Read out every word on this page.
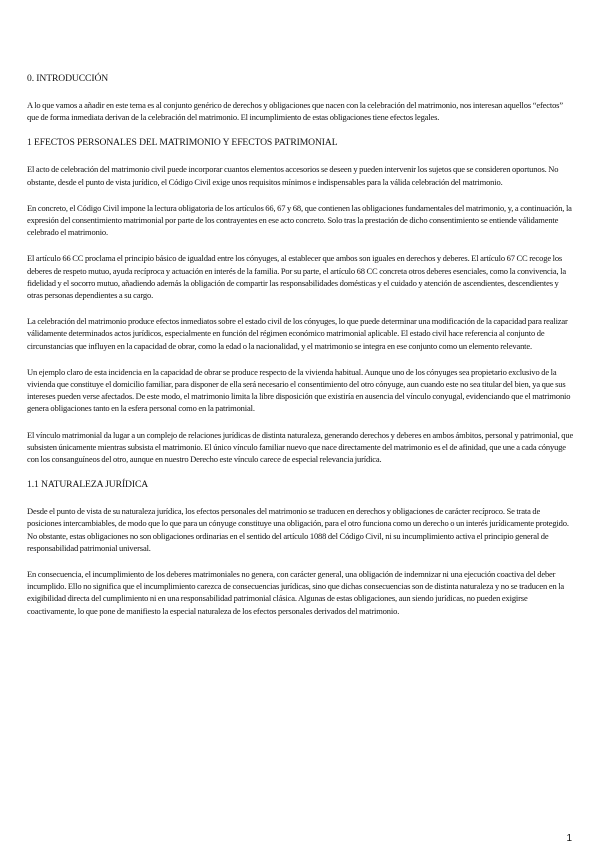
0. INTRODUCCIÓN

A lo que vamos a añadir en este tema es al conjunto genérico de derechos y obligaciones que nacen con la celebración del matrimonio, nos interesan aquellos “efectos” que de forma inmediata derivan de la celebración del matrimonio. El incumplimiento de estas obligaciones tiene efectos legales.

1 EFECTOS PERSONALES DEL MATRIMONIO Y EFECTOS PATRIMONIAL

El acto de celebración del matrimonio civil puede incorporar cuantos elementos accesorios se deseen y pueden intervenir los sujetos que se consideren oportunos. No obstante, desde el punto de vista jurídico, el Código Civil exige unos requisitos mínimos e indispensables para la válida celebración del matrimonio.

En concreto, el Código Civil impone la lectura obligatoria de los artículos 66, 67 y 68, que contienen las obligaciones fundamentales del matrimonio, y, a continuación, la expresión del consentimiento matrimonial por parte de los contrayentes en ese acto concreto. Solo tras la prestación de dicho consentimiento se entiende válidamente celebrado el matrimonio.

El artículo 66 CC proclama el principio básico de igualdad entre los cónyuges, al establecer que ambos son iguales en derechos y deberes. El artículo 67 CC recoge los deberes de respeto mutuo, ayuda recíproca y actuación en interés de la familia. Por su parte, el artículo 68 CC concreta otros deberes esenciales, como la convivencia, la fidelidad y el socorro mutuo, añadiendo además la obligación de compartir las responsabilidades domésticas y el cuidado y atención de ascendientes, descendientes y otras personas dependientes a su cargo.

La celebración del matrimonio produce efectos inmediatos sobre el estado civil de los cónyuges, lo que puede determinar una modificación de la capacidad para realizar válidamente determinados actos jurídicos, especialmente en función del régimen económico matrimonial aplicable. El estado civil hace referencia al conjunto de circunstancias que influyen en la capacidad de obrar, como la edad o la nacionalidad, y el matrimonio se integra en ese conjunto como un elemento relevante.

Un ejemplo claro de esta incidencia en la capacidad de obrar se produce respecto de la vivienda habitual. Aunque uno de los cónyuges sea propietario exclusivo de la vivienda que constituye el domicilio familiar, para disponer de ella será necesario el consentimiento del otro cónyuge, aun cuando este no sea titular del bien, ya que sus intereses pueden verse afectados. De este modo, el matrimonio limita la libre disposición que existiría en ausencia del vínculo conyugal, evidenciando que el matrimonio genera obligaciones tanto en la esfera personal como en la patrimonial.

El vínculo matrimonial da lugar a un complejo de relaciones jurídicas de distinta naturaleza, generando derechos y deberes en ambos ámbitos, personal y patrimonial, que subsisten únicamente mientras subsista el matrimonio. El único vínculo familiar nuevo que nace directamente del matrimonio es el de afinidad, que une a cada cónyuge con los consanguíneos del otro, aunque en nuestro Derecho este vínculo carece de especial relevancia jurídica.

1.1 NATURALEZA JURÍDICA

Desde el punto de vista de su naturaleza jurídica, los efectos personales del matrimonio se traducen en derechos y obligaciones de carácter recíproco. Se trata de posiciones intercambiables, de modo que lo que para un cónyuge constituye una obligación, para el otro funciona como un derecho o un interés jurídicamente protegido. No obstante, estas obligaciones no son obligaciones ordinarias en el sentido del artículo 1088 del Código Civil, ni su incumplimiento activa el principio general de responsabilidad patrimonial universal.

En consecuencia, el incumplimiento de los deberes matrimoniales no genera, con carácter general, una obligación de indemnizar ni una ejecución coactiva del deber incumplido. Ello no significa que el incumplimiento carezca de consecuencias jurídicas, sino que dichas consecuencias son de distinta naturaleza y no se traducen en la exigibilidad directa del cumplimiento ni en una responsabilidad patrimonial clásica. Algunas de estas obligaciones, aun siendo jurídicas, no pueden exigirse coactivamente, lo que pone de manifiesto la especial naturaleza de los efectos personales derivados del matrimonio.

1
